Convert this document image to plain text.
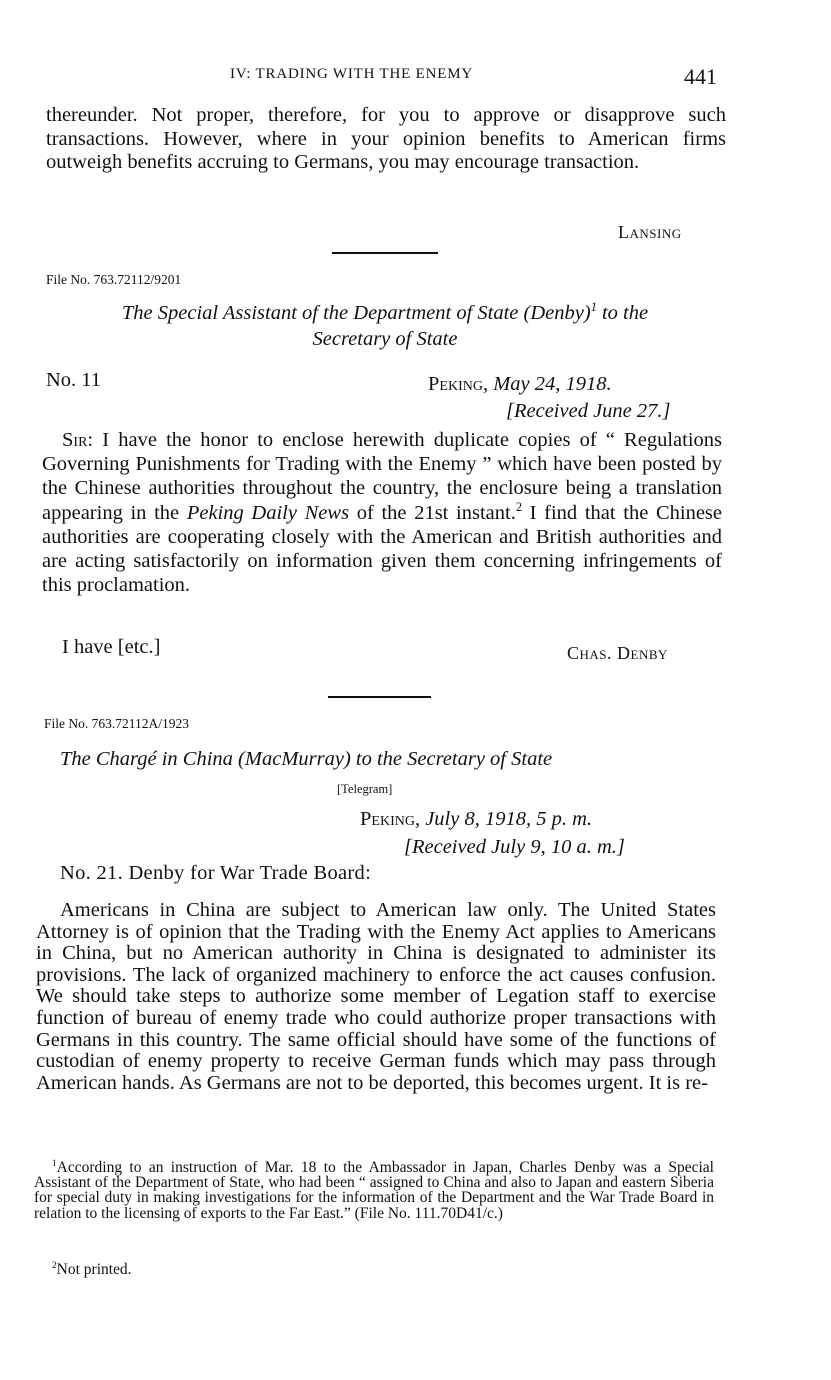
IV: TRADING WITH THE ENEMY	441
thereunder. Not proper, therefore, for you to approve or disapprove such transactions. However, where in your opinion benefits to American firms outweigh benefits accruing to Germans, you may encourage transaction.
Lansing
File No. 763.72112/9201
The Special Assistant of the Department of State (Denby)$^1$ to the
Secretary of State
No. 11	Peking, May 24, 1918.
[Received June 27.]
Sir: I have the honor to enclose herewith duplicate copies of “ Regulations Governing Punishments for Trading with the Enemy ” which have been posted by the Chinese authorities throughout the country, the enclosure being a translation appearing in the Peking Daily News of the 21st instant.$^2$ I find that the Chinese authorities are cooperating closely with the American and British authorities and are acting satisfactorily on information given them concerning infringements of this proclamation.
I have [etc.]	Chas. Denby
File No. 763.72112A/1923
The Chargé in China (MacMurray) to the Secretary of State
[Telegram]
Peking, July 8, 1918, 5 p. m.
[Received July 9, 10 a. m.]
No. 21. Denby for War Trade Board:
Americans in China are subject to American law only. The United States Attorney is of opinion that the Trading with the Enemy Act applies to Americans in China, but no American authority in China is designated to administer its provisions. The lack of organized machinery to enforce the act causes confusion. We should take steps to authorize some member of Legation staff to exercise function of bureau of enemy trade who could authorize proper transactions with Germans in this country. The same official should have some of the functions of custodian of enemy property to receive German funds which may pass through American hands. As Germans are not to be deported, this becomes urgent. It is re-
$^1$According to an instruction of Mar. 18 to the Ambassador in Japan, Charles Denby was a Special Assistant of the Department of State, who had been “ assigned to China and also to Japan and eastern Siberia for special duty in making investigations for the information of the Department and the War Trade Board in relation to the licensing of exports to the Far East.” (File No. 111.70D41/c.)
$^2$Not printed.
